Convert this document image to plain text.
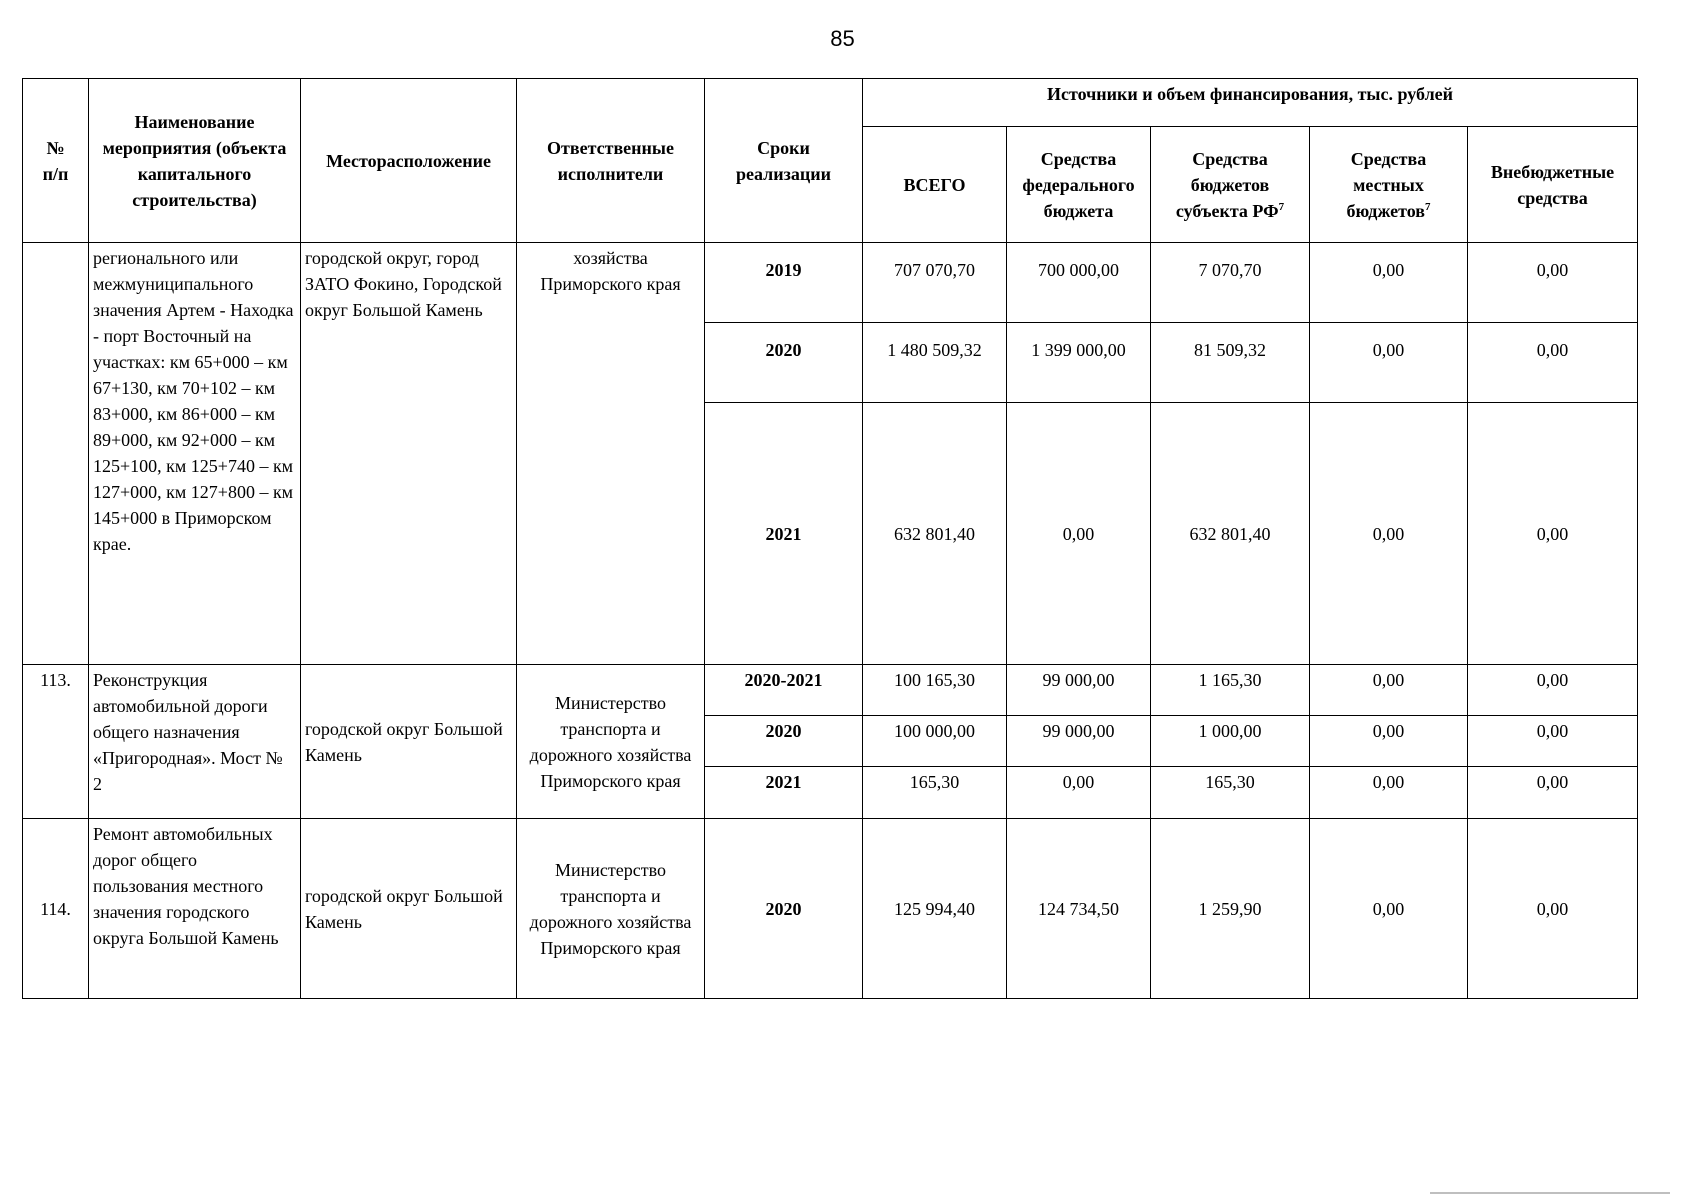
85
№
п/п	Наименование мероприятия (объекта капитального строительства)	Месторасположение	Ответственные исполнители	Сроки реализации	Источники и объем финансирования, тыс. рублей				
					ВСЕГО	Средства федерального бюджета	Средства бюджетов субъекта $РФ^7$	Средства местных бюджетов$^7$	Внебюджетные средства
	регионального или межмуниципального значения Артем - Находка - порт Восточный на участках: км 65+000 – км 67+130, км 70+102 – км 83+000, км 86+000 – км 89+000, км 92+000 – км 125+100, км 125+740 – км 127+000, км 127+800 – км 145+000 в Приморском крае.	городской округ, город ЗАТО Фокино, Городской округ Большой Камень	хозяйства Приморского края	2019	707 070,70	700 000,00	7 070,70	0,00	0,00
				2020	1 480 509,32	1 399 000,00	81 509,32	0,00	0,00
				2021	632 801,40	0,00	632 801,40	0,00	0,00
113.	Реконструкция автомобильной дороги общего назначения «Пригородная». Мост № 2	городской округ Большой Камень	Министерство транспорта и дорожного хозяйства Приморского края	2020-2021	100 165,30	99 000,00	1 165,30	0,00	0,00
				2020	100 000,00	99 000,00	1 000,00	0,00	0,00
				2021	165,30	0,00	165,30	0,00	0,00
114.	Ремонт автомобильных дорог общего пользования местного значения городского округа Большой Камень	городской округ Большой Камень	Министерство транспорта и дорожного хозяйства Приморского края	2020	125 994,40	124 734,50	1 259,90	0,00	0,00
